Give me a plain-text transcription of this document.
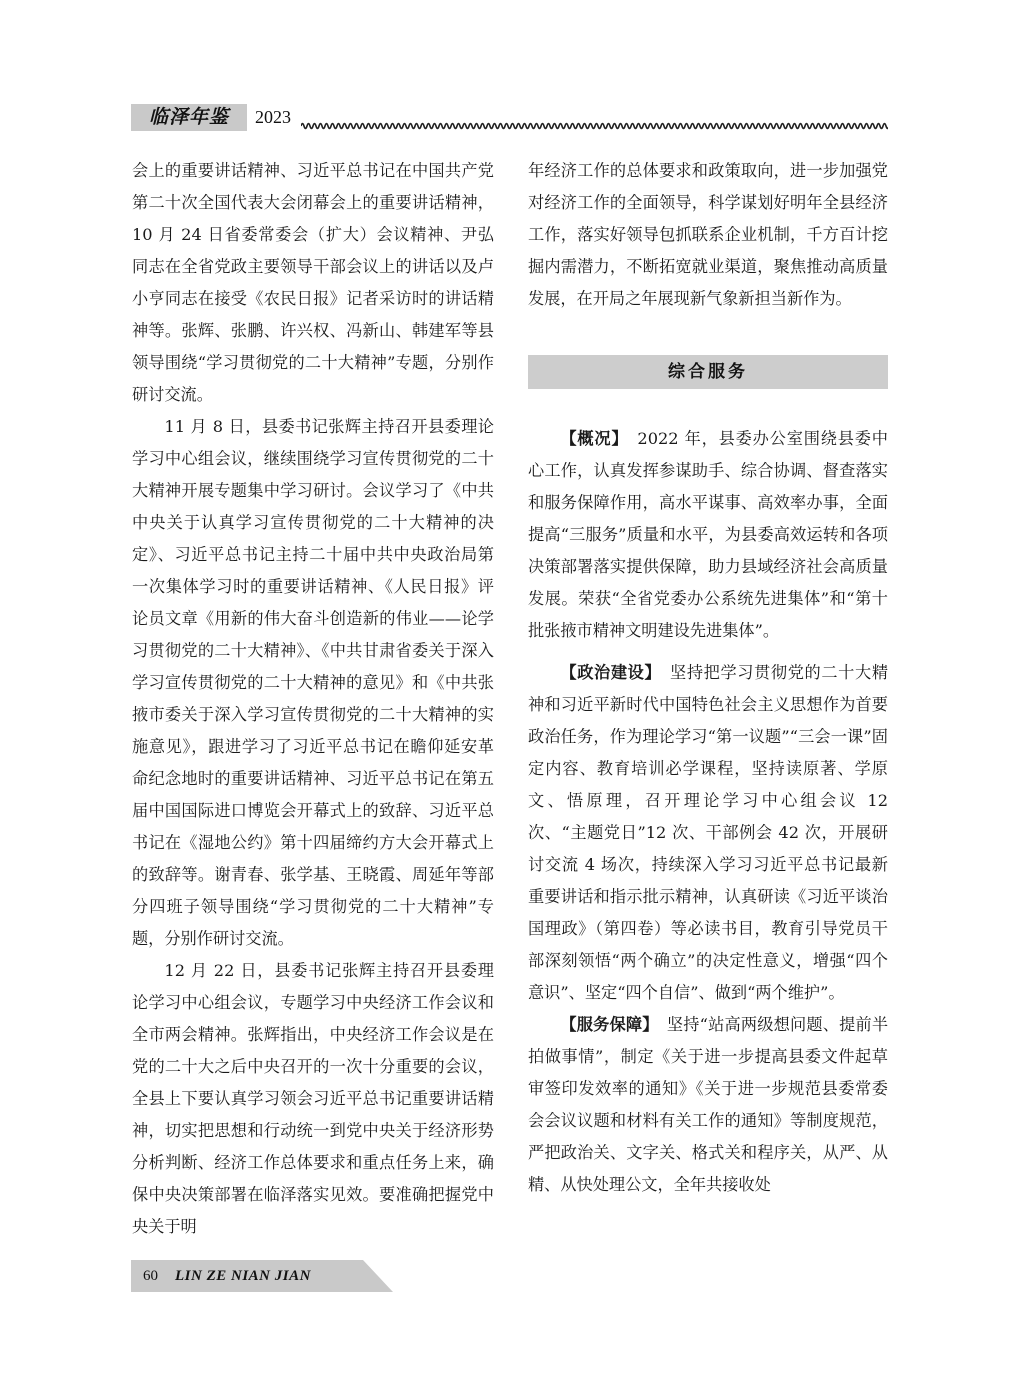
临泽年鉴	2023

会上的重要讲话精神、习近平总书记在中国共产党第二十次全国代表大会闭幕会上的重要讲话精神，10 月 24 日省委常委会（扩大）会议精神、尹弘同志在全省党政主要领导干部会议上的讲话以及卢小亨同志在接受《农民日报》记者采访时的讲话精神等。张辉、张鹏、许兴权、冯新山、韩建军等县领导围绕“学习贯彻党的二十大精神”专题，分别作研讨交流。

11 月 8 日，县委书记张辉主持召开县委理论学习中心组会议，继续围绕学习宣传贯彻党的二十大精神开展专题集中学习研讨。会议学习了《中共中央关于认真学习宣传贯彻党的二十大精神的决定》、习近平总书记主持二十届中共中央政治局第一次集体学习时的重要讲话精神、《人民日报》评论员文章《用新的伟大奋斗创造新的伟业——论学习贯彻党的二十大精神》、《中共甘肃省委关于深入学习宣传贯彻党的二十大精神的意见》和《中共张掖市委关于深入学习宣传贯彻党的二十大精神的实施意见》，跟进学习了习近平总书记在瞻仰延安革命纪念地时的重要讲话精神、习近平总书记在第五届中国国际进口博览会开幕式上的致辞、习近平总书记在《湿地公约》第十四届缔约方大会开幕式上的致辞等。谢青春、张学基、王晓霞、周延年等部分四班子领导围绕“学习贯彻党的二十大精神”专题，分别作研讨交流。

12 月 22 日，县委书记张辉主持召开县委理论学习中心组会议，专题学习中央经济工作会议和全市两会精神。张辉指出，中央经济工作会议是在党的二十大之后中央召开的一次十分重要的会议，全县上下要认真学习领会习近平总书记重要讲话精神，切实把思想和行动统一到党中央关于经济形势分析判断、经济工作总体要求和重点任务上来，确保中央决策部署在临泽落实见效。要准确把握党中央关于明

年经济工作的总体要求和政策取向，进一步加强党对经济工作的全面领导，科学谋划好明年全县经济工作，落实好领导包抓联系企业机制，千方百计挖掘内需潜力，不断拓宽就业渠道，聚焦推动高质量发展，在开局之年展现新气象新担当新作为。

综合服务

【概况】　2022 年，县委办公室围绕县委中心工作，认真发挥参谋助手、综合协调、督查落实和服务保障作用，高水平谋事、高效率办事，全面提高“三服务”质量和水平，为县委高效运转和各项决策部署落实提供保障，助力县域经济社会高质量发展。荣获“全省党委办公系统先进集体”和“第十批张掖市精神文明建设先进集体”。

【政治建设】　坚持把学习贯彻党的二十大精神和习近平新时代中国特色社会主义思想作为首要政治任务，作为理论学习“第一议题”“三会一课”固定内容、教育培训必学课程，坚持读原著、学原文、悟原理，召开理论学习中心组会议 12 次、“主题党日”12 次、干部例会 42 次，开展研讨交流 4 场次，持续深入学习习近平总书记最新重要讲话和指示批示精神，认真研读《习近平谈治国理政》（第四卷）等必读书目，教育引导党员干部深刻领悟“两个确立”的决定性意义，增强“四个意识”、坚定“四个自信”、做到“两个维护”。

【服务保障】　坚持“站高两级想问题、提前半拍做事情”，制定《关于进一步提高县委文件起草审签印发效率的通知》《关于进一步规范县委常委会会议议题和材料有关工作的通知》等制度规范，严把政治关、文字关、格式关和程序关，从严、从精、从快处理公文，全年共接收处

60 LIN ZE NIAN JIAN
